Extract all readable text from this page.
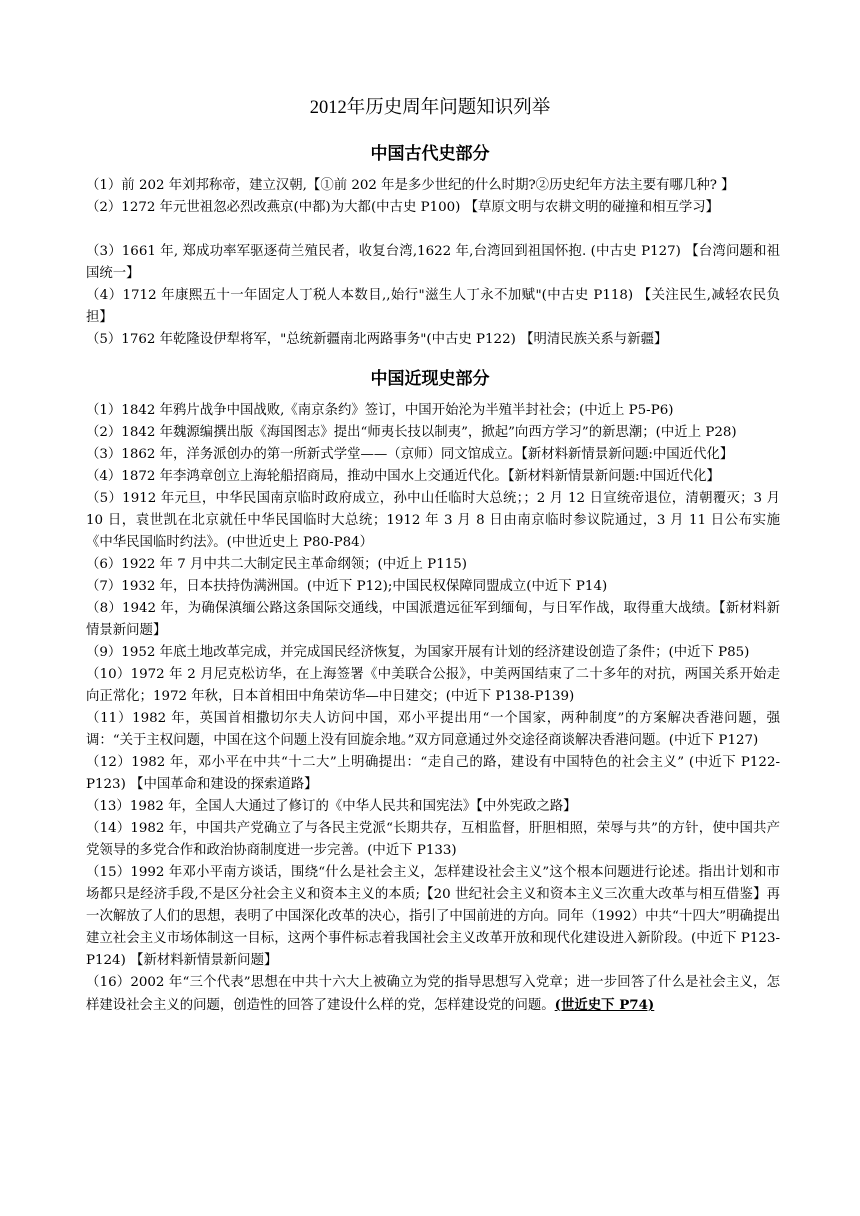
2012年历史周年问题知识列举
中国古代史部分

（1）前 202 年刘邦称帝，建立汉朝,【①前 202 年是多少世纪的什么时期?②历史纪年方法主要有哪几种? 】

（2）1272 年元世祖忽必烈改燕京(中都)为大都(中古史 P100) 【草原文明与农耕文明的碰撞和相互学习】

（3）1661 年, 郑成功率军驱逐荷兰殖民者，收复台湾,1622 年,台湾回到祖国怀抱. (中古史 P127) 【台湾问题和祖国统一】

（4）1712 年康熙五十一年固定人丁税人本数目,,始行"滋生人丁永不加赋"(中古史 P118) 【关注民生,减轻农民负担】

（5）1762 年乾隆设伊犁将军，"总统新疆南北两路事务"(中古史 P122) 【明清民族关系与新疆】

中国近现史部分

（1）1842 年鸦片战争中国战败,《南京条约》签订，中国开始沦为半殖半封社会；(中近上 P5-P6)

（2）1842 年魏源编撰出版《海国图志》提出“师夷长技以制夷”，掀起”向西方学习”的新思潮；(中近上 P28)

（3）1862 年，洋务派创办的第一所新式学堂——（京师）同文馆成立。【新材料新情景新问题:中国近代化】

（4）1872 年李鸿章创立上海轮船招商局，推动中国水上交通近代化。【新材料新情景新问题:中国近代化】

（5）1912 年元旦，中华民国南京临时政府成立，孙中山任临时大总统；；2 月 12 日宣统帝退位，清朝覆灭；3 月 10 日，袁世凯在北京就任中华民国临时大总统；1912 年 3 月 8 日由南京临时参议院通过，3 月 11 日公布实施《中华民国临时约法》。(中世近史上 P80-P84）

（6）1922 年 7 月中共二大制定民主革命纲领；(中近上 P115)

（7）1932 年，日本扶持伪满洲国。(中近下 P12);中国民权保障同盟成立(中近下 P14)

（8）1942 年，为确保滇缅公路这条国际交通线，中国派遣远征军到缅甸，与日军作战，取得重大战绩。【新材料新情景新问题】

（9）1952 年底土地改革完成，并完成国民经济恢复，为国家开展有计划的经济建设创造了条件；(中近下 P85)

（10）1972 年 2 月尼克松访华，在上海签署《中美联合公报》，中美两国结束了二十多年的对抗，两国关系开始走向正常化；1972 年秋，日本首相田中角荣访华—中日建交；(中近下 P138-P139)

（11）1982 年，英国首相撒切尔夫人访问中国，邓小平提出用“一个国家，两种制度”的方案解决香港问题，强调：“关于主权问题，中国在这个问题上没有回旋余地。”双方同意通过外交途径商谈解决香港问题。(中近下 P127)

（12）1982 年，邓小平在中共“十二大”上明确提出：“走自己的路，建设有中国特色的社会主义” (中近下 P122-P123) 【中国革命和建设的探索道路】

（13）1982 年，全国人大通过了修订的《中华人民共和国宪法》【中外宪政之路】

（14）1982 年，中国共产党确立了与各民主党派“长期共存，互相监督，肝胆相照，荣辱与共”的方针，使中国共产党领导的多党合作和政治协商制度进一步完善。(中近下 P133)

（15）1992 年邓小平南方谈话，围绕“什么是社会主义，怎样建设社会主义”这个根本问题进行论述。指出计划和市场都只是经济手段,不是区分社会主义和资本主义的本质;【20 世纪社会主义和资本主义三次重大改革与相互借鉴】再一次解放了人们的思想，表明了中国深化改革的决心，指引了中国前进的方向。同年（1992）中共“十四大”明确提出建立社会主义市场体制这一目标，这两个事件标志着我国社会主义改革开放和现代化建设进入新阶段。(中近下 P123-P124) 【新材料新情景新问题】

（16）2002 年“三个代表”思想在中共十六大上被确立为党的指导思想写入党章；进一步回答了什么是社会主义，怎样建设社会主义的问题，创造性的回答了建设什么样的党，怎样建设党的问题。(世近史下 P74)
